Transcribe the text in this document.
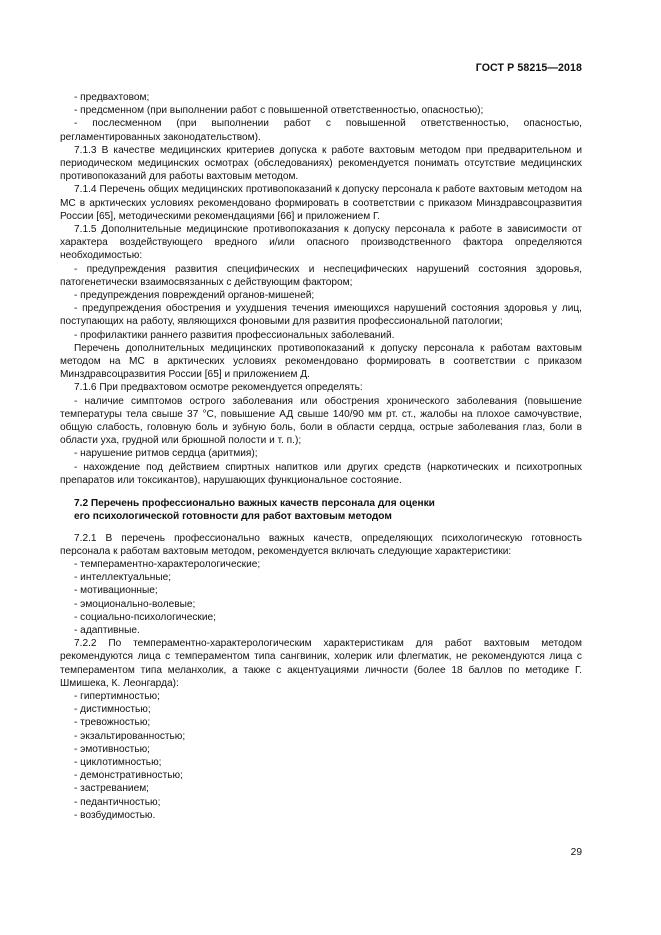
ГОСТ Р 58215—2018

- предвахтовом;

- предсменном (при выполнении работ с повышенной ответственностью, опасностью);

- послесменном (при выполнении работ с повышенной ответственностью, опасностью, регламентированных законодательством).

7.1.3 В качестве медицинских критериев допуска к работе вахтовым методом при предварительном и периодическом медицинских осмотрах (обследованиях) рекомендуется понимать отсутствие медицинских противопоказаний для работы вахтовым методом.

7.1.4 Перечень общих медицинских противопоказаний к допуску персонала к работе вахтовым методом на МС в арктических условиях рекомендовано формировать в соответствии с приказом Минздравсоцразвития России [65], методическими рекомендациями [66] и приложением Г.

7.1.5 Дополнительные медицинские противопоказания к допуску персонала к работе в зависимости от характера воздействующего вредного и/или опасного производственного фактора определяются необходимостью:

- предупреждения развития специфических и неспецифических нарушений состояния здоровья, патогенетически взаимосвязанных с действующим фактором;

- предупреждения повреждений органов-мишеней;

- предупреждения обострения и ухудшения течения имеющихся нарушений состояния здоровья у лиц, поступающих на работу, являющихся фоновыми для развития профессиональной патологии;

- профилактики раннего развития профессиональных заболеваний.

Перечень дополнительных медицинских противопоказаний к допуску персонала к работам вахтовым методом на МС в арктических условиях рекомендовано формировать в соответствии с приказом Минздравсоцразвития России [65] и приложением Д.

7.1.6 При предвахтовом осмотре рекомендуется определять:

- наличие симптомов острого заболевания или обострения хронического заболевания (повышение температуры тела свыше 37 °С, повышение АД свыше 140/90 мм рт. ст., жалобы на плохое самочувствие, общую слабость, головную боль и зубную боль, боли в области сердца, острые заболевания глаз, боли в области уха, грудной или брюшной полости и т. п.);

- нарушение ритмов сердца (аритмия);

- нахождение под действием спиртных напитков или других средств (наркотических и психотропных препаратов или токсикантов), нарушающих функциональное состояние.

7.2 Перечень профессионально важных качеств персонала для оценки
его психологической готовности для работ вахтовым методом

7.2.1 В перечень профессионально важных качеств, определяющих психологическую готовность персонала к работам вахтовым методом, рекомендуется включать следующие характеристики:

- темпераментно-характерологические;

- интеллектуальные;

- мотивационные;

- эмоционально-волевые;

- социально-психологические;

- адаптивные.

7.2.2 По темпераментно-характерологическим характеристикам для работ вахтовым методом рекомендуются лица с темпераментом типа сангвиник, холерик или флегматик, не рекомендуются лица с темпераментом типа меланхолик, а также с акцентуациями личности (более 18 баллов по методике Г. Шмишека, К. Леонгарда):

- гипертимностью;

- дистимностью;

- тревожностью;

- экзальтированностью;

- эмотивностью;

- циклотимностью;

- демонстративностью;

- застреванием;

- педантичностью;

- возбудимостью.

29
